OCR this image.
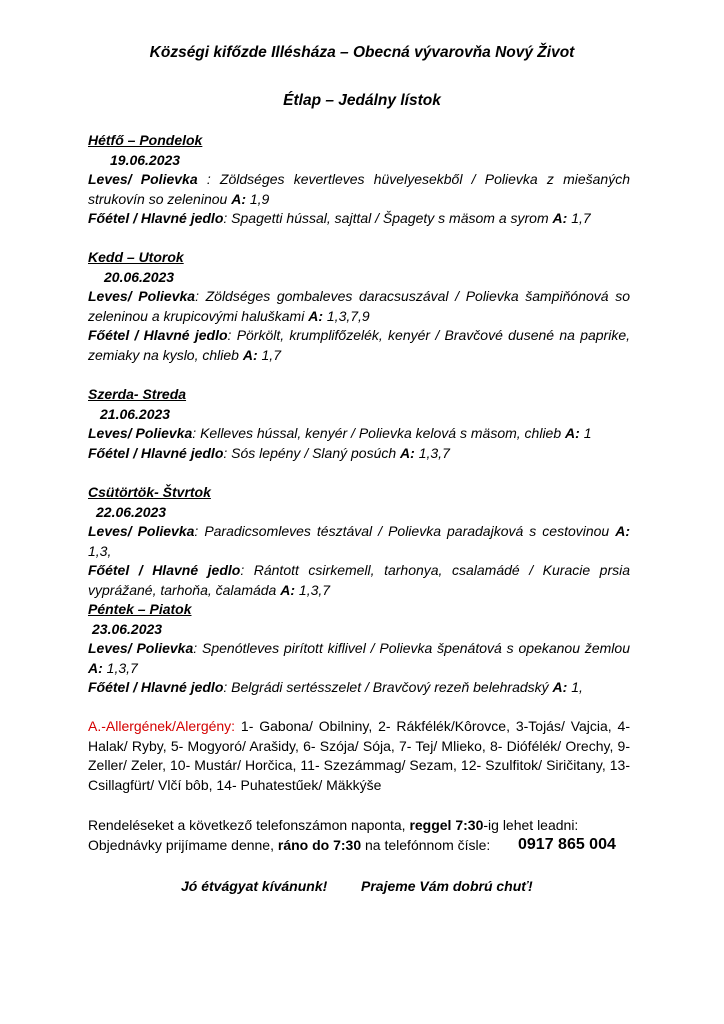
Községi kifőzde Illésháza – Obecná vývarovňa Nový Život
Étlap – Jedálny lístok

Hétfő – Pondelok

19.06.2023

Leves/ Polievka : Zöldséges kevertleves hüvelyesekből / Polievka z miešaných strukovín so zeleninou A: 1,9

Főétel / Hlavné jedlo: Spagetti hússal, sajttal / Špagety s mäsom a syrom A: 1,7

Kedd – Utorok

20.06.2023

Leves/ Polievka: Zöldséges gombaleves daracsuszával / Polievka šampiňónová so zeleninou a krupicovými haluškami A: 1,3,7,9

Főétel / Hlavné jedlo: Pörkölt, krumplifőzelék, kenyér / Bravčové dusené na paprike, zemiaky na kyslo, chlieb A: 1,7

Szerda- Streda

21.06.2023

Leves/ Polievka: Kelleves hússal, kenyér / Polievka kelová s mäsom, chlieb A: 1

Főétel / Hlavné jedlo: Sós lepény / Slaný posúch A: 1,3,7

Csütörtök- Štvrtok

22.06.2023

Leves/ Polievka: Paradicsomleves tésztával / Polievka paradajková s cestovinou A: 1,3,

Főétel / Hlavné jedlo: Rántott csirkemell, tarhonya, csalamádé / Kuracie prsia vyprážané, tarhoňa, čalamáda A: 1,3,7

Péntek – Piatok

23.06.2023

Leves/ Polievka: Spenótleves pirított kiflivel / Polievka špenátová s opekanou žemlou A: 1,3,7

Főétel / Hlavné jedlo: Belgrádi sertésszelet / Bravčový rezeň belehradský A: 1,

A.-Allergének/Alergény: 1- Gabona/ Obilniny, 2- Rákfélék/Kôrovce, 3-Tojás/ Vajcia, 4- Halak/ Ryby, 5- Mogyoró/ Arašidy, 6- Szója/ Sója, 7- Tej/ Mlieko, 8- Diófélék/ Orechy, 9- Zeller/ Zeler, 10- Mustár/ Horčica, 11- Szezámmag/ Sezam, 12- Szulfitok/ Siričitany, 13- Csillagfürt/ Vlčí bôb, 14- Puhatestűek/ Mäkkýše
Rendeléseket a következő telefonszámon naponta, reggel 7:30-ig lehet leadni:
Objednávky prijímame denne, ráno do 7:30 na telefónnom čísle: 0917 865 004
Jó étvágyat kívánunk! Prajeme Vám dobrú chuť!
